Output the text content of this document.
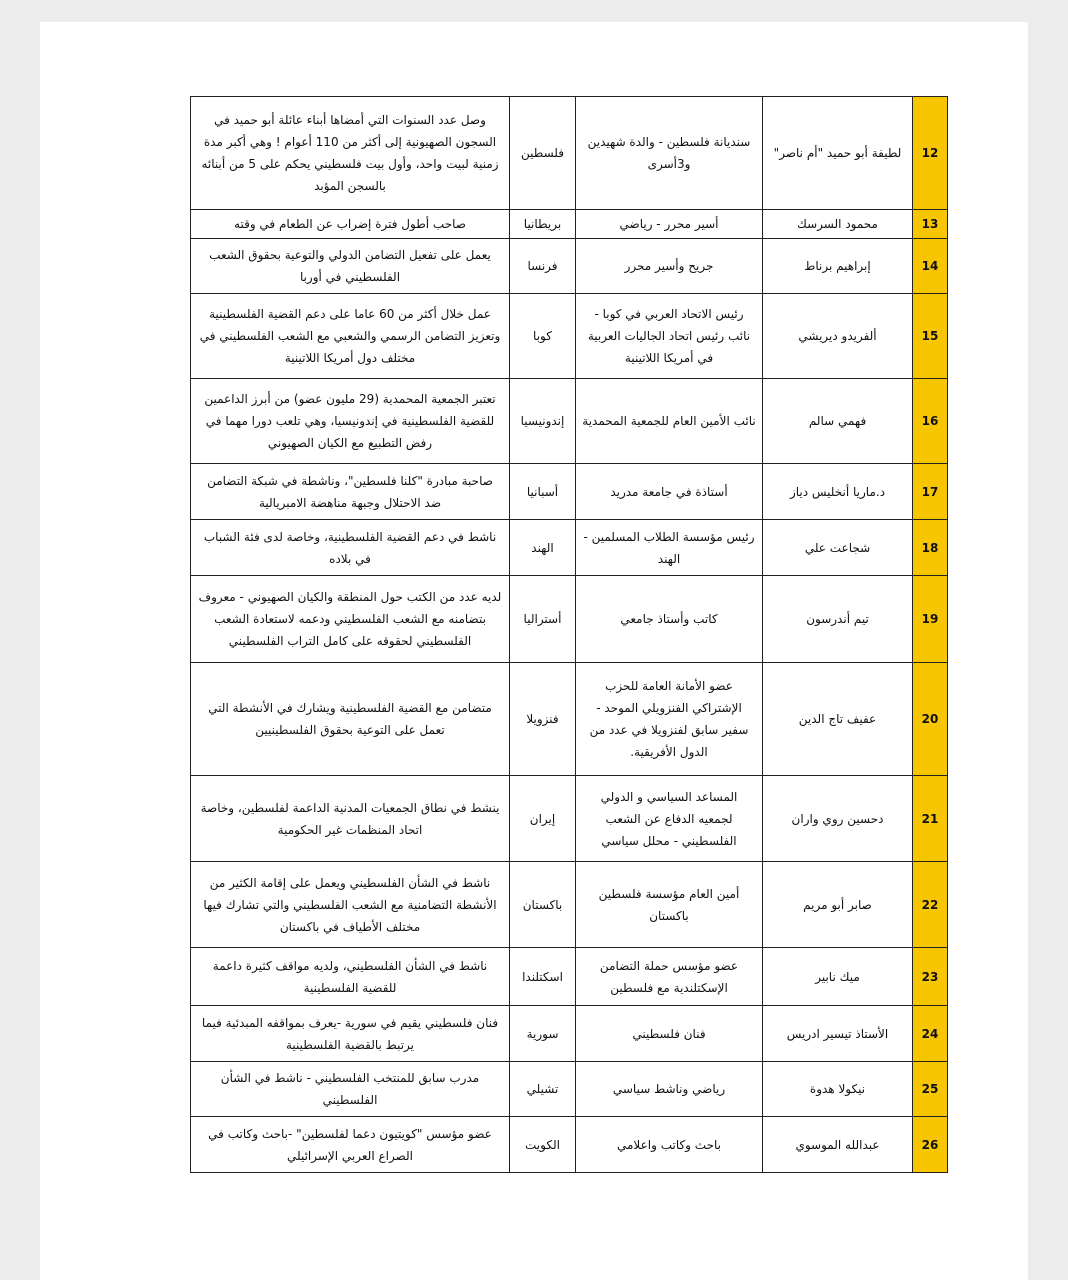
12	لطيفة أبو حميد "أم ناصر"	سنديانة فلسطين - والدة شهيدين و3أسرى	فلسطين	وصل عدد السنوات التي أمضاها أبناء عائلة أبو حميد في السجون الصهيونية إلى أكثر من 110 أعوام ! وهي أكبر مدة زمنية لبيت واحد، وأول بيت فلسطيني يحكم على 5 من أبنائه بالسجن المؤبد
13	محمود السرسك	أسير محرر - رياضي	بريطانيا	صاحب أطول فترة إضراب عن الطعام في وقته
14	إبراهيم برناط	جريح وأسير محرر	فرنسا	يعمل على تفعيل التضامن الدولي والتوعية بحقوق الشعب الفلسطيني في أوربا
15	ألفريدو ديريشي	رئيس الاتحاد العربي في كوبا - نائب رئيس اتحاد الجاليات العربية في أمريكا اللاتينية	كوبا	عمل خلال أكثر من 60 عاما على دعم القضية الفلسطينية وتعزيز التضامن الرسمي والشعبي مع الشعب الفلسطيني في مختلف دول أمريكا اللاتينية
16	فهمي سالم	نائب الأمين العام للجمعية المحمدية	إندونيسيا	تعتبر الجمعية المحمدية (29 مليون عضو) من أبرز الداعمين للقضية الفلسطينية في إندونيسيا، وهي تلعب دورا مهما في رفض التطبيع مع الكيان الصهيوني
17	د.ماريا أنخليس دياز	أستاذة في جامعة مدريد	أسبانيا	صاحبة مبادرة "كلنا فلسطين"، وناشطة في شبكة التضامن ضد الاحتلال وجبهة مناهضة الامبريالية
18	شجاعت علي	رئيس مؤسسة الطلاب المسلمين - الهند	الهند	ناشط في دعم القضية الفلسطينية، وخاصة لدى فئة الشباب في بلاده
19	تيم أندرسون	كاتب وأستاذ جامعي	أستراليا	لديه عدد من الكتب حول المنطقة والكيان الصهيوني - معروف بتضامنه مع الشعب الفلسطيني ودعمه لاستعادة الشعب الفلسطيني لحقوقه على كامل التراب الفلسطيني
20	عفيف تاج الدين	عضو الأمانة العامة للحزب الإشتراكي الفنزويلي الموحد - سفير سابق لفنزويلا في عدد من الدول الأفريقية.	فنزويلا	متضامن مع القضية الفلسطينية ويشارك في الأنشطة التي تعمل على التوعية بحقوق الفلسطينيين
21	دحسين روي واران	المساعد السياسي و الدولي لجمعيه الدفاع عن الشعب الفلسطيني - محلل سياسي	إيران	ينشط في نطاق الجمعيات المدنية الداعمة لفلسطين، وخاصة اتحاد المنظمات غير الحكومية
22	صابر أبو مريم	أمين العام مؤسسة فلسطين باكستان	باكستان	ناشط في الشأن الفلسطيني ويعمل على إقامة الكثير من الأنشطة التضامنية مع الشعب الفلسطيني والتي تشارك فيها مختلف الأطياف في باكستان
23	ميك نابير	عضو مؤسس حملة التضامن الإسكتلندية مع فلسطين	اسكتلندا	ناشط في الشأن الفلسطيني، ولديه مواقف كثيرة داعمة للقضية الفلسطينية
24	الأستاذ تيسير ادريس	فنان فلسطيني	سورية	فنان فلسطيني يقيم في سورية -يعرف بمواقفه المبدئية فيما يرتبط بالقضية الفلسطينية
25	نيكولا هدوة	رياضي وناشط سياسي	تشيلي	مدرب سابق للمنتخب الفلسطيني - ناشط في الشأن الفلسطيني
26	عبدالله الموسوي	باحث وكاتب واعلامي	الكويت	عضو مؤسس "كويتيون دعما لفلسطين" -باحث وكاتب في الصراع العربي الإسرائيلي
